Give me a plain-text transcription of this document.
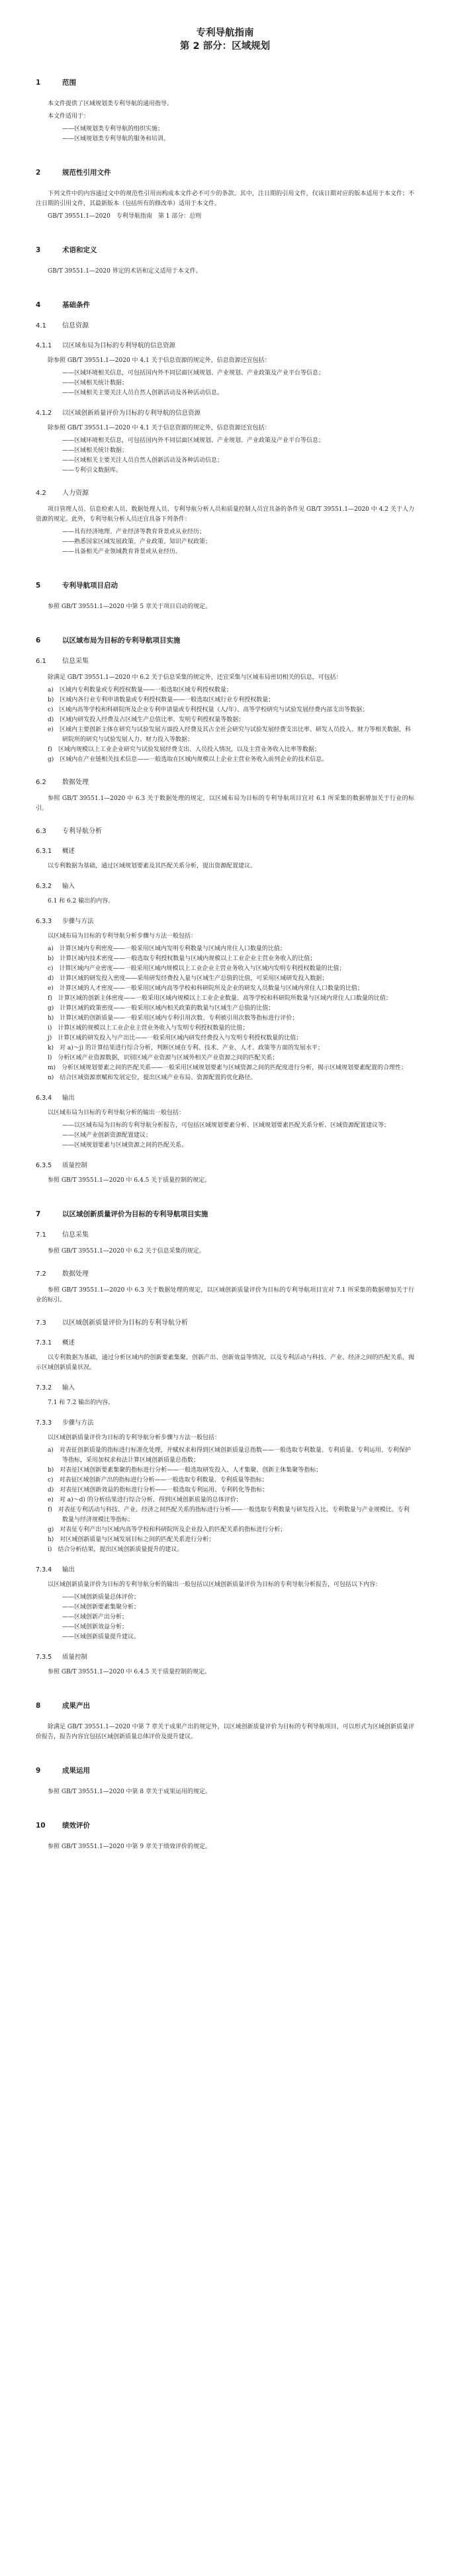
专利导航指南
第 2 部分：区域规划
1	范围

本文件提供了区域规划类专利导航的通用指导。

本文件适用于：

——区域规划类专利导航的组织实施；

——区域规划类专利导航的服务和培训。

2	规范性引用文件

下列文件中的内容通过文中的规范性引用而构成本文件必不可少的条款。其中，注日期的引用文件，仅该日期对应的版本适用于本文件；不注日期的引用文件，其最新版本（包括所有的修改单）适用于本文件。

GB/T 39551.1—2020　专利导航指南　第 1 部分：总则

3	术语和定义

GB/T 39551.1—2020 界定的术语和定义适用于本文件。

4	基础条件
4.1 信息资源
4.1.1 以区域布局为目标的专利导航的信息资源

除参照 GB/T 39551.1—2020 中 4.1 关于信息资源的规定外，信息资源还宜包括：

——区域环境相关信息，可包括国内外不同层面区域规划、产业规划、产业政策及产业平台等信息；

——区域相关统计数据；

——区域相关主要关注人员自然人创新活动及各种活动信息。

4.1.2 以区域创新质量评价为目标的专利导航的信息资源

除参照 GB/T 39551.1—2020 中 4.1 关于信息资源的规定外，信息资源还宜包括：

——区域环境相关信息，可包括国内外不同层面区域规划、产业规划、产业政策及产业平台等信息；

——区域相关统计数据；

——区域相关主要关注人员自然人创新活动及各种活动信息；

——专利引文数据库。

4.2 人力资源

项目管理人员、信息检索人员、数据处理人员、专利导航分析人员和质量控制人员宜具备的条件见 GB/T 39551.1—2020 中 4.2 关于人力资源的规定。此外，专利导航分析人员还宜具备下列条件：

——具有经济地理、产业经济等教育背景或从业经历；

——熟悉国家区域发展政策、产业政策、知识产权政策；

——具备相关产业领域教育背景或从业经历。

5	专利导航项目启动

参照 GB/T 39551.1—2020 中第 5 章关于项目启动的规定。

6	以区域布局为目标的专利导航项目实施
6.1 信息采集

除满足 GB/T 39551.1—2020 中 6.2 关于信息采集的规定外，还宜采集与区域布局密切相关的信息，可包括：

a)　区域内专利数量或专利授权数量——一般选取区域专利授权数量；

b)　区域内各行业专利申请数量或专利授权数量——一般选取区域行业专利授权数量；

c)　区域内高等学校和科研院所及企业专利申请量或专利授权量（人/年）、高等学校研究与试验发展经费内部支出等数据；

d)　区域内研发投入经费及占区域生产总值比率、发明专利授权量等数据；

e)　区域内主要创新主体在研究与试验发展方面投入经费及其占全社会研究与试验发展经费支出比率、研发人员投入、财力等相关数据，科研院所的研究与试验发展人力、财力投入等数据；

f)　区域内规模以上工业企业研究与试验发展经费支出、人员投入情况，以及主营业务收入比率等数据；

g)　区域内在产业链相关技术信息——一般选取在区域内规模以上企业主营业务收入前列企业的技术信息。

6.2 数据处理

参照 GB/T 39551.1—2020 中 6.3 关于数据处理的规定，以区域布局为目标的专利导航项目宜对 6.1 所采集的数据增加关于行业的标引。

6.3 专利导航分析
6.3.1 概述

以专利数据为基础，通过区域规划要素及其匹配关系分析，提出资源配置建议。

6.3.2 输入

6.1 和 6.2 输出的内容。

6.3.3 步骤与方法

以区域布局为目标的专利导航分析步骤与方法一般包括：

a)　计算区域内专利密度——一般采用区域内发明专利数量与区域内常住人口数量的比值；

b)　计算区域内技术密度——一般选取专利授权数量与区域内规模以上工业企业主营业务收入的比值；

c)　计算区域内产业密度——一般采用区域内规模以上工业企业主营业务收入与区域内发明专利授权数量的比值；

d)　计算区域的研发投入密度——采用研发经费投入量与区域生产总值的比值，可采用区域研发投入数据；

e)　计算区域的人才密度——一般采用区域内高等学校和科研院所及企业的研发人员数量与区域内常住人口数量的比值；

f)　计算区域的创新主体密度——一般采用区域内规模以上工业企业数量、高等学校和科研院所数量与区域内常住人口数量的比值；

g)　计算区域的政策密度——一般采用区域内相关政策的数量与区域生产总值的比值；

h)　计算区域的创新质量——一般采用区域内专利引用次数、专利被引用次数等指标进行评价；

i)　计算区域的规模以上工业企业主营业务收入与发明专利授权数量的比值；

j)　计算区域的研发投入与产出比——一般采用区域内研发经费投入与发明专利授权数量的比值；

k)　对 a)～j) 的计算结果进行综合分析，判断区域在专利、技术、产业、人才、政策等方面的发展水平；

l)　分析区域产业资源数据，识别区域产业资源与区域外相关产业资源之间的匹配关系；

m)　分析区域规划要素之间的匹配关系——一般采用区域规划要素与区域资源之间的匹配度进行分析，揭示区域规划要素配置的合理性；

n)　结合区域资源禀赋和发展定位，提出区域产业布局、资源配置的优化路径。

6.3.4 输出

以区域布局为目标的专利导航分析的输出一般包括：

——以区域布局为目标的专利导航分析报告，可包括区域规划要素分析、区域规划要素匹配关系分析、区域资源配置建议等；

——区域产业创新资源配置建议；

——区域规划要素与区域资源之间的匹配关系。

6.3.5 质量控制

参照 GB/T 39551.1—2020 中 6.4.5 关于质量控制的规定。

7	以区域创新质量评价为目标的专利导航项目实施
7.1 信息采集

参照 GB/T 39551.1—2020 中 6.2 关于信息采集的规定。

7.2 数据处理

参照 GB/T 39551.1—2020 中 6.3 关于数据处理的规定，以区域创新质量评价为目标的专利导航项目宜对 7.1 所采集的数据增加关于行业的标引。

7.3 以区域创新质量评价为目标的专利导航分析
7.3.1 概述

以专利数据为基础，通过分析区域内的创新要素集聚、创新产出、创新效益等情况，以及专利活动与科技、产业、经济之间的匹配关系，揭示区域创新质量状况。

7.3.2 输入

7.1 和 7.2 输出的内容。

7.3.3 步骤与方法

以区域创新质量评价为目标的专利导航分析步骤与方法一般包括：

a)　对表征创新质量的指标进行标准化处理，并赋权求和得到区域创新质量总指数——一般选取专利数量、专利质量、专利运用、专利保护等指标，采用加权求和法计算区域创新质量总指数；

b)　对表征区域创新要素集聚的指标进行分析——一般选取研发投入、人才集聚、创新主体集聚等指标；

c)　对表征区域创新产出的指标进行分析——一般选取专利数量、专利质量等指标；

d)　对表征区域创新效益的指标进行分析——一般选取专利运用、专利转化等指标；

e)　对 a)～d) 的分析结果进行综合分析，得到区域创新质量的总体评价；

f)　对表征专利活动与科技、产业、经济之间匹配关系的指标进行分析——一般选取专利数量与研发投入比、专利数量与产业规模比、专利数量与经济规模比等指标；

g)　对表征专利产出与区域内高等学校和科研院所及企业投入的匹配关系的指标进行分析；

h)　对区域创新质量与区域发展目标之间的匹配关系进行分析；

i)　结合分析结果，提出区域创新质量提升的建议。

7.3.4 输出

以区域创新质量评价为目标的专利导航分析的输出一般包括以区域创新质量评价为目标的专利导航分析报告，可包括以下内容：

——区域创新质量总体评价；

——区域创新要素集聚分析；

——区域创新产出分析；

——区域创新效益分析；

——区域创新质量提升建议。

7.3.5 质量控制

参照 GB/T 39551.1—2020 中 6.4.5 关于质量控制的规定。

8	成果产出

除满足 GB/T 39551.1—2020 中第 7 章关于成果产出的规定外，以区域创新质量评价为目标的专利导航项目，可以形式为区域创新质量评价报告，报告内容宜包括区域创新质量总体评价及提升建议。

9	成果运用

参照 GB/T 39551.1—2020 中第 8 章关于成果运用的规定。

10 绩效评价

参照 GB/T 39551.1—2020 中第 9 章关于绩效评价的规定。
